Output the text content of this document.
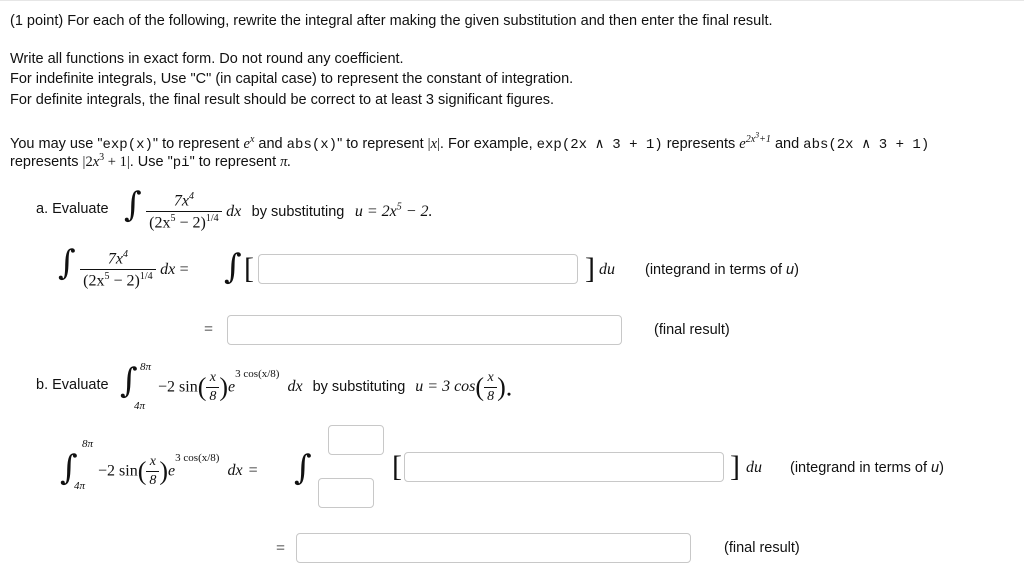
(1 point) For each of the following, rewrite the integral after making the given substitution and then enter the final result.
Write all functions in exact form. Do not round any coefficient.
For indefinite integrals, Use "C" (in capital case) to represent the constant of integration.
For definite integrals, the final result should be correct to at least 3 significant figures.
You may use "exp(x)" to represent $e^x$ and abs(x)" to represent |x|. For example, exp(2x ∧ 3 + 1) represents $e^{2x^3+1}$ and abs(2x ∧ 3 + 1)
represents $|2x^3 + 1|$. Use "pi" to represent π.
a. Evaluate ∫ $\frac{7x^4}{(2x^5 - 2)^{1/4}}$ dx by substituting $u = 2x^5 - 2$.
∫ $\frac{7x^4}{(2x^5 - 2)^{1/4}}$ dx = ∫ [	] du (integrand in terms of u)
=	(final result)
b. Evaluate ∫ 8π
4π
−2 $\sin( \frac{x}{8} )e^{3 cos(x/8)}$ dx by substituting u = 3 $\cos( \frac{x}{8}$ ).
∫
8π
4π
−2 $\sin( \frac{x}{8} )e^{3 cos(x/8)}$ dx = ∫	[	] du (integrand in terms of u)
=	(final result)
